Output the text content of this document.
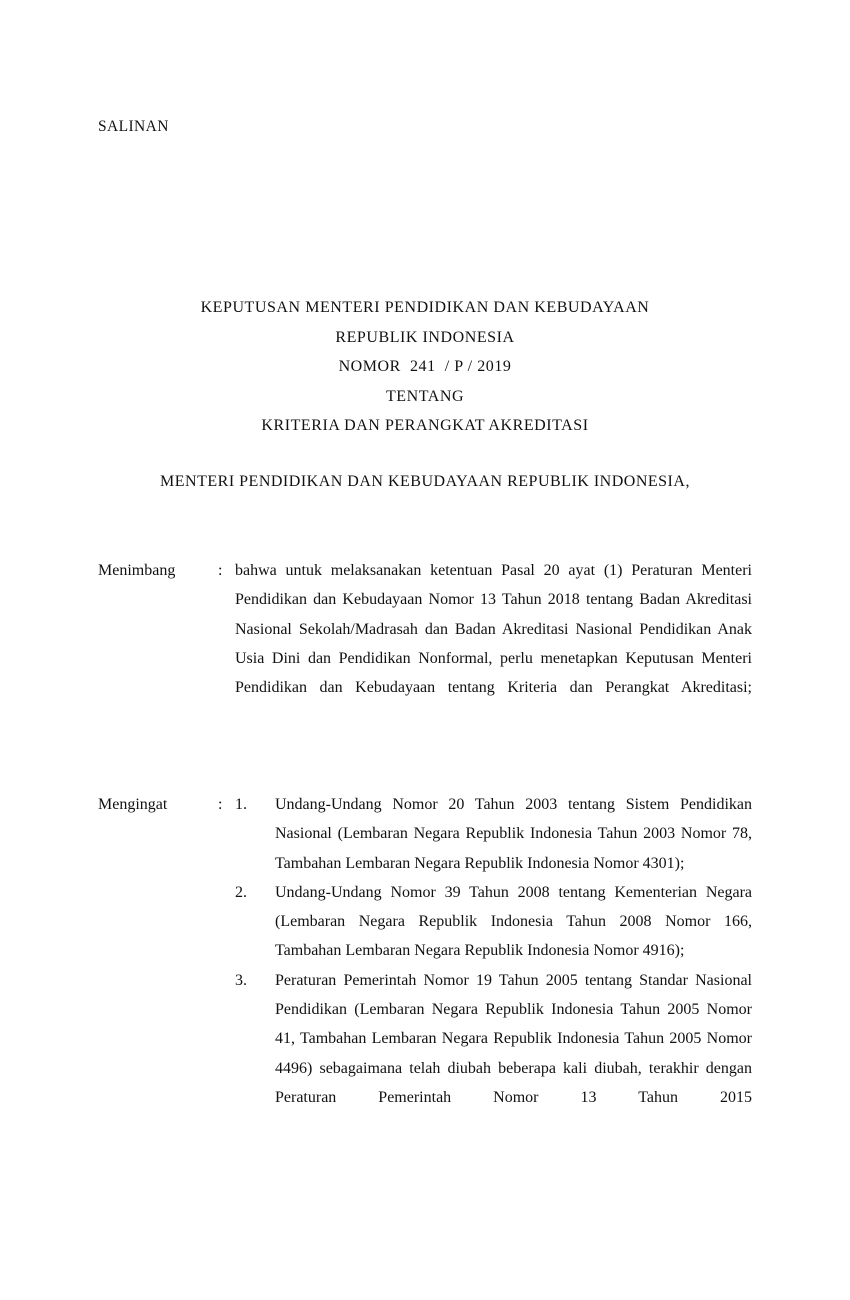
SALINAN
KEPUTUSAN MENTERI PENDIDIKAN DAN KEBUDAYAAN
REPUBLIK INDONESIA
NOMOR  241  / P / 2019
TENTANG
KRITERIA DAN PERANGKAT AKREDITASI
MENTERI PENDIDIKAN DAN KEBUDAYAAN REPUBLIK INDONESIA,
Menimbang	: bahwa untuk melaksanakan ketentuan Pasal 20 ayat (1) Peraturan Menteri Pendidikan dan Kebudayaan Nomor 13 Tahun 2018 tentang Badan Akreditasi Nasional Sekolah/Madrasah dan Badan Akreditasi Nasional Pendidikan Anak Usia Dini dan Pendidikan Nonformal, perlu menetapkan Keputusan Menteri Pendidikan dan Kebudayaan tentang Kriteria dan Perangkat Akreditasi;
Mengingat	: 1.	Undang-Undang Nomor 20 Tahun 2003 tentang Sistem Pendidikan Nasional (Lembaran Negara Republik Indonesia Tahun 2003 Nomor 78, Tambahan Lembaran Negara Republik Indonesia Nomor 4301);
2.	Undang-Undang Nomor 39 Tahun 2008 tentang Kementerian Negara (Lembaran Negara Republik Indonesia Tahun 2008 Nomor 166, Tambahan Lembaran Negara Republik Indonesia Nomor 4916);
3.	Peraturan Pemerintah Nomor 19 Tahun 2005 tentang Standar Nasional Pendidikan (Lembaran Negara Republik Indonesia Tahun 2005 Nomor 41, Tambahan Lembaran Negara Republik Indonesia Tahun 2005 Nomor 4496) sebagaimana telah diubah beberapa kali diubah, terakhir dengan Peraturan Pemerintah Nomor 13 Tahun 2015
